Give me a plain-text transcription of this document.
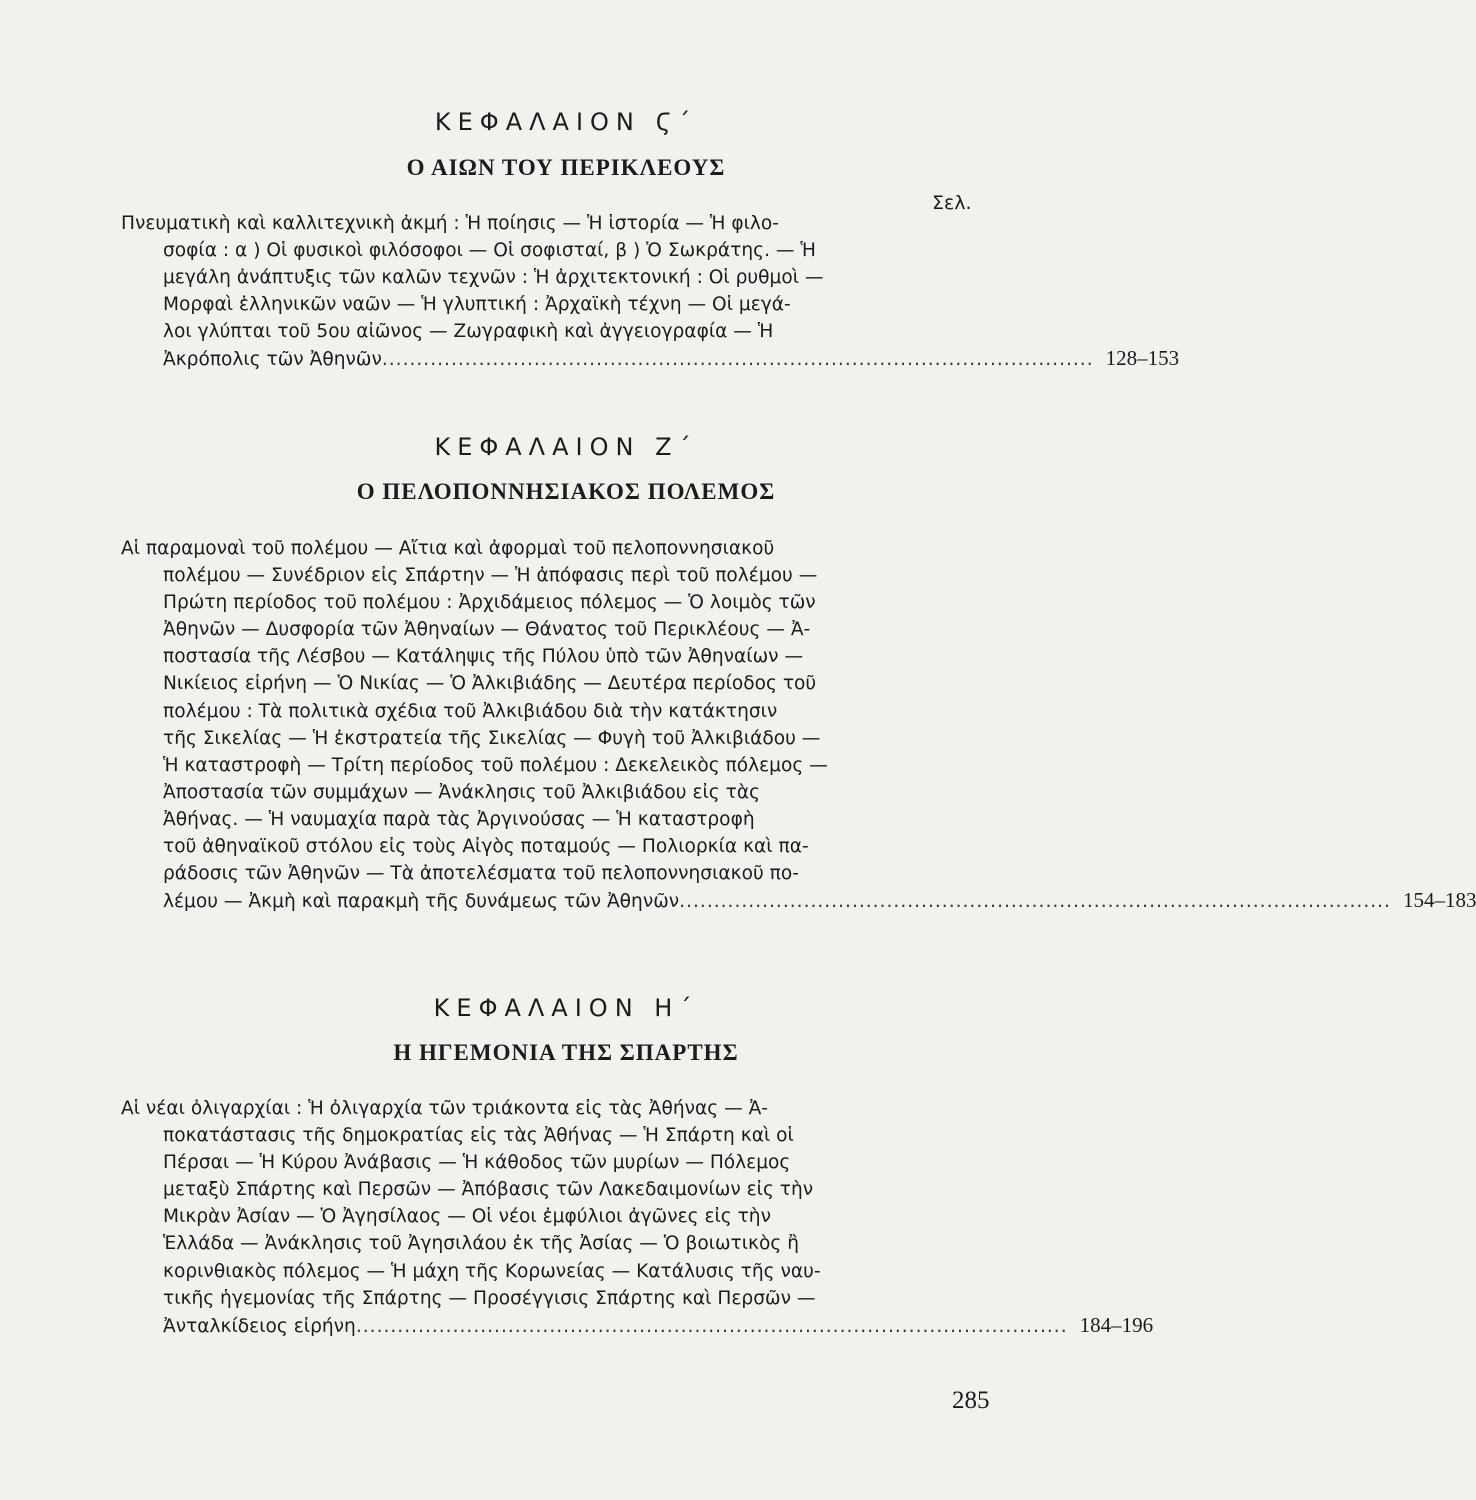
ΚΕΦΑΛΑΙΟΝ Ϛ΄
Ο ΑΙΩΝ ΤΟΥ ΠΕΡΙΚΛΕΟΥΣ
Σελ.
Πνευματικὴ καὶ καλλιτεχνικὴ ἀκμή : Ἡ ποίησις — Ἡ ἱστορία — Ἡ φιλο-
σοφία : α ) Οἱ φυσικοὶ φιλόσοφοι — Οἱ σοφισταί, β ) Ὁ Σωκράτης. — Ἡ
μεγάλη ἀνάπτυξις τῶν καλῶν τεχνῶν : Ἡ ἀρχιτεκτονική : Οἱ ρυθμοὶ —
Μορφαὶ ἑλληνικῶν ναῶν — Ἡ γλυπτική : Ἀρχαϊκὴ τέχνη — Οἱ μεγά-
λοι γλύπται τοῦ 5ου αἰῶνος — Ζωγραφικὴ καὶ ἀγγειογραφία — Ἡ
Ἀκρόπολις τῶν Ἀθηνῶν ....................................................................................................... 128–153
ΚΕΦΑΛΑΙΟΝ Ζ΄
Ο ΠΕΛΟΠΟΝΝΗΣΙΑΚΟΣ ΠΟΛΕΜΟΣ
Αἱ παραμοναὶ τοῦ πολέμου — Αἴτια καὶ ἀφορμαὶ τοῦ πελοποννησιακοῦ
πολέμου — Συνέδριον εἰς Σπάρτην — Ἡ ἀπόφασις περὶ τοῦ πολέμου —
Πρώτη περίοδος τοῦ πολέμου : Ἀρχιδάμειος πόλεμος — Ὁ λοιμὸς τῶν
Ἀθηνῶν — Δυσφορία τῶν Ἀθηναίων — Θάνατος τοῦ Περικλέους — Ἀ-
ποστασία τῆς Λέσβου — Κατάληψις τῆς Πύλου ὑπὸ τῶν Ἀθηναίων —
Νικίειος εἰρήνη — Ὁ Νικίας — Ὁ Ἀλκιβιάδης — Δευτέρα περίοδος τοῦ
πολέμου : Τὰ πολιτικὰ σχέδια τοῦ Ἀλκιβιάδου διὰ τὴν κατάκτησιν
τῆς Σικελίας — Ἡ ἐκστρατεία τῆς Σικελίας — Φυγὴ τοῦ Ἀλκιβιάδου —
Ἡ καταστροφὴ — Τρίτη περίοδος τοῦ πολέμου : Δεκελεικὸς πόλεμος —
Ἀποστασία τῶν συμμάχων — Ἀνάκλησις τοῦ Ἀλκιβιάδου εἰς τὰς
Ἀθήνας. — Ἡ ναυμαχία παρὰ τὰς Ἀργινούσας — Ἡ καταστροφὴ
τοῦ ἀθηναϊκοῦ στόλου εἰς τοὺς Αἰγὸς ποταμούς — Πολιορκία καὶ πα-
ράδοσις τῶν Ἀθηνῶν — Τὰ ἀποτελέσματα τοῦ πελοποννησιακοῦ πο-
λέμου — Ἀκμὴ καὶ παρακμὴ τῆς δυνάμεως τῶν Ἀθηνῶν ....................................................................................................... 154–183
ΚΕΦΑΛΑΙΟΝ Η΄
Η ΗΓΕΜΟΝΙΑ ΤΗΣ ΣΠΑΡΤΗΣ
Αἱ νέαι ὀλιγαρχίαι : Ἡ ὀλιγαρχία τῶν τριάκοντα εἰς τὰς Ἀθήνας — Ἀ-
ποκατάστασις τῆς δημοκρατίας εἰς τὰς Ἀθήνας — Ἡ Σπάρτη καὶ οἱ
Πέρσαι — Ἡ Κύρου Ἀνάβασις — Ἡ κάθοδος τῶν μυρίων — Πόλεμος
μεταξὺ Σπάρτης καὶ Περσῶν — Ἀπόβασις τῶν Λακεδαιμονίων εἰς τὴν
Μικρὰν Ἀσίαν — Ὁ Ἀγησίλαος — Οἱ νέοι ἐμφύλιοι ἀγῶνες εἰς τὴν
Ἑλλάδα — Ἀνάκλησις τοῦ Ἀγησιλάου ἐκ τῆς Ἀσίας — Ὁ βοιωτικὸς ἢ
κορινθιακὸς πόλεμος — Ἡ μάχη τῆς Κορωνείας — Κατάλυσις τῆς ναυ-
τικῆς ἡγεμονίας τῆς Σπάρτης — Προσέγγισις Σπάρτης καὶ Περσῶν —
Ἀνταλκίδειος εἰρήνη ....................................................................................................... 184–196
285
